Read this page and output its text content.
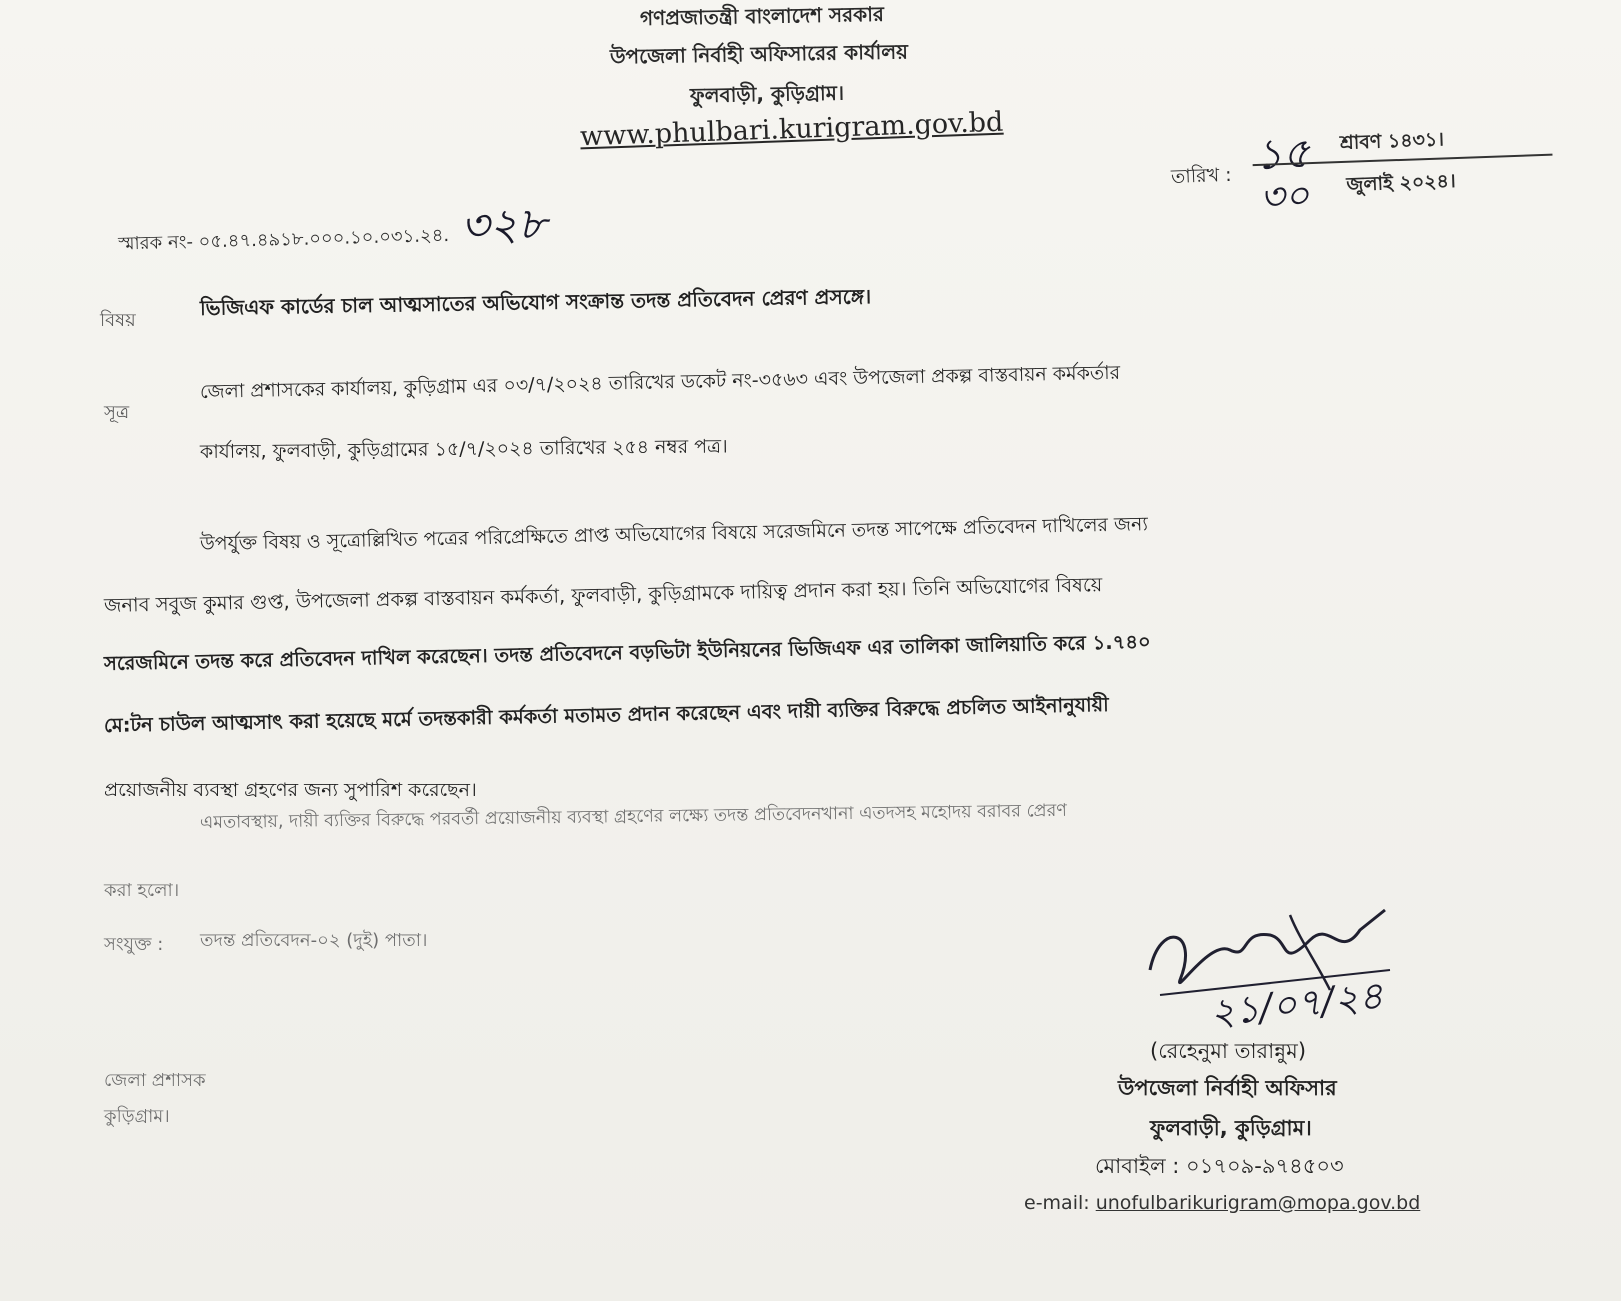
গণপ্রজাতন্ত্রী বাংলাদেশ সরকার
উপজেলা নির্বাহী অফিসারের কার্যালয়
ফুলবাড়ী, কুড়িগ্রাম।
www.phulbari.kurigram.gov.bd
স্মারক নং- ০৫.৪৭.৪৯১৮.০০০.১০.০৩১.২৪. ৩২৮
তারিখ : ১৫ শ্রাবণ ১৪৩১।
৩০ জুলাই ২০২৪।
বিষয়
ভিজিএফ কার্ডের চাল আত্মসাতের অভিযোগ সংক্রান্ত তদন্ত প্রতিবেদন প্রেরণ প্রসঙ্গে।
সূত্র
জেলা প্রশাসকের কার্যালয়, কুড়িগ্রাম এর ০৩/৭/২০২৪ তারিখের ডকেট নং-৩৫৬৩ এবং উপজেলা প্রকল্প বাস্তবায়ন কর্মকর্তার
কার্যালয়, ফুলবাড়ী, কুড়িগ্রামের ১৫/৭/২০২৪ তারিখের ২৫৪ নম্বর পত্র।
উপর্যুক্ত বিষয় ও সূত্রোল্লিখিত পত্রের পরিপ্রেক্ষিতে প্রাপ্ত অভিযোগের বিষয়ে সরেজমিনে তদন্ত সাপেক্ষে প্রতিবেদন দাখিলের জন্য
জনাব সবুজ কুমার গুপ্ত, উপজেলা প্রকল্প বাস্তবায়ন কর্মকর্তা, ফুলবাড়ী, কুড়িগ্রামকে দায়িত্ব প্রদান করা হয়। তিনি অভিযোগের বিষয়ে
সরেজমিনে তদন্ত করে প্রতিবেদন দাখিল করেছেন। তদন্ত প্রতিবেদনে বড়ভিটা ইউনিয়নের ভিজিএফ এর তালিকা জালিয়াতি করে ১.৭৪০
মে:টন চাউল আত্মসাৎ করা হয়েছে মর্মে তদন্তকারী কর্মকর্তা মতামত প্রদান করেছেন এবং দায়ী ব্যক্তির বিরুদ্ধে প্রচলিত আইনানুযায়ী
প্রয়োজনীয় ব্যবস্থা গ্রহণের জন্য সুপারিশ করেছেন।
এমতাবস্থায়, দায়ী ব্যক্তির বিরুদ্ধে পরবর্তী প্রয়োজনীয় ব্যবস্থা গ্রহণের লক্ষ্যে তদন্ত প্রতিবেদনখানা এতদসহ মহোদয় বরাবর প্রেরণ
করা হলো।
সংযুক্ত : তদন্ত প্রতিবেদন-০২ (দুই) পাতা।
জেলা প্রশাসক
কুড়িগ্রাম।
২১/০৭/২৪
(রেহেনুমা তারান্নুম)
উপজেলা নির্বাহী অফিসার
ফুলবাড়ী, কুড়িগ্রাম।
মোবাইল : ০১৭০৯-৯৭৪৫০৩
e-mail: unofulbarikurigram@mopa.gov.bd
